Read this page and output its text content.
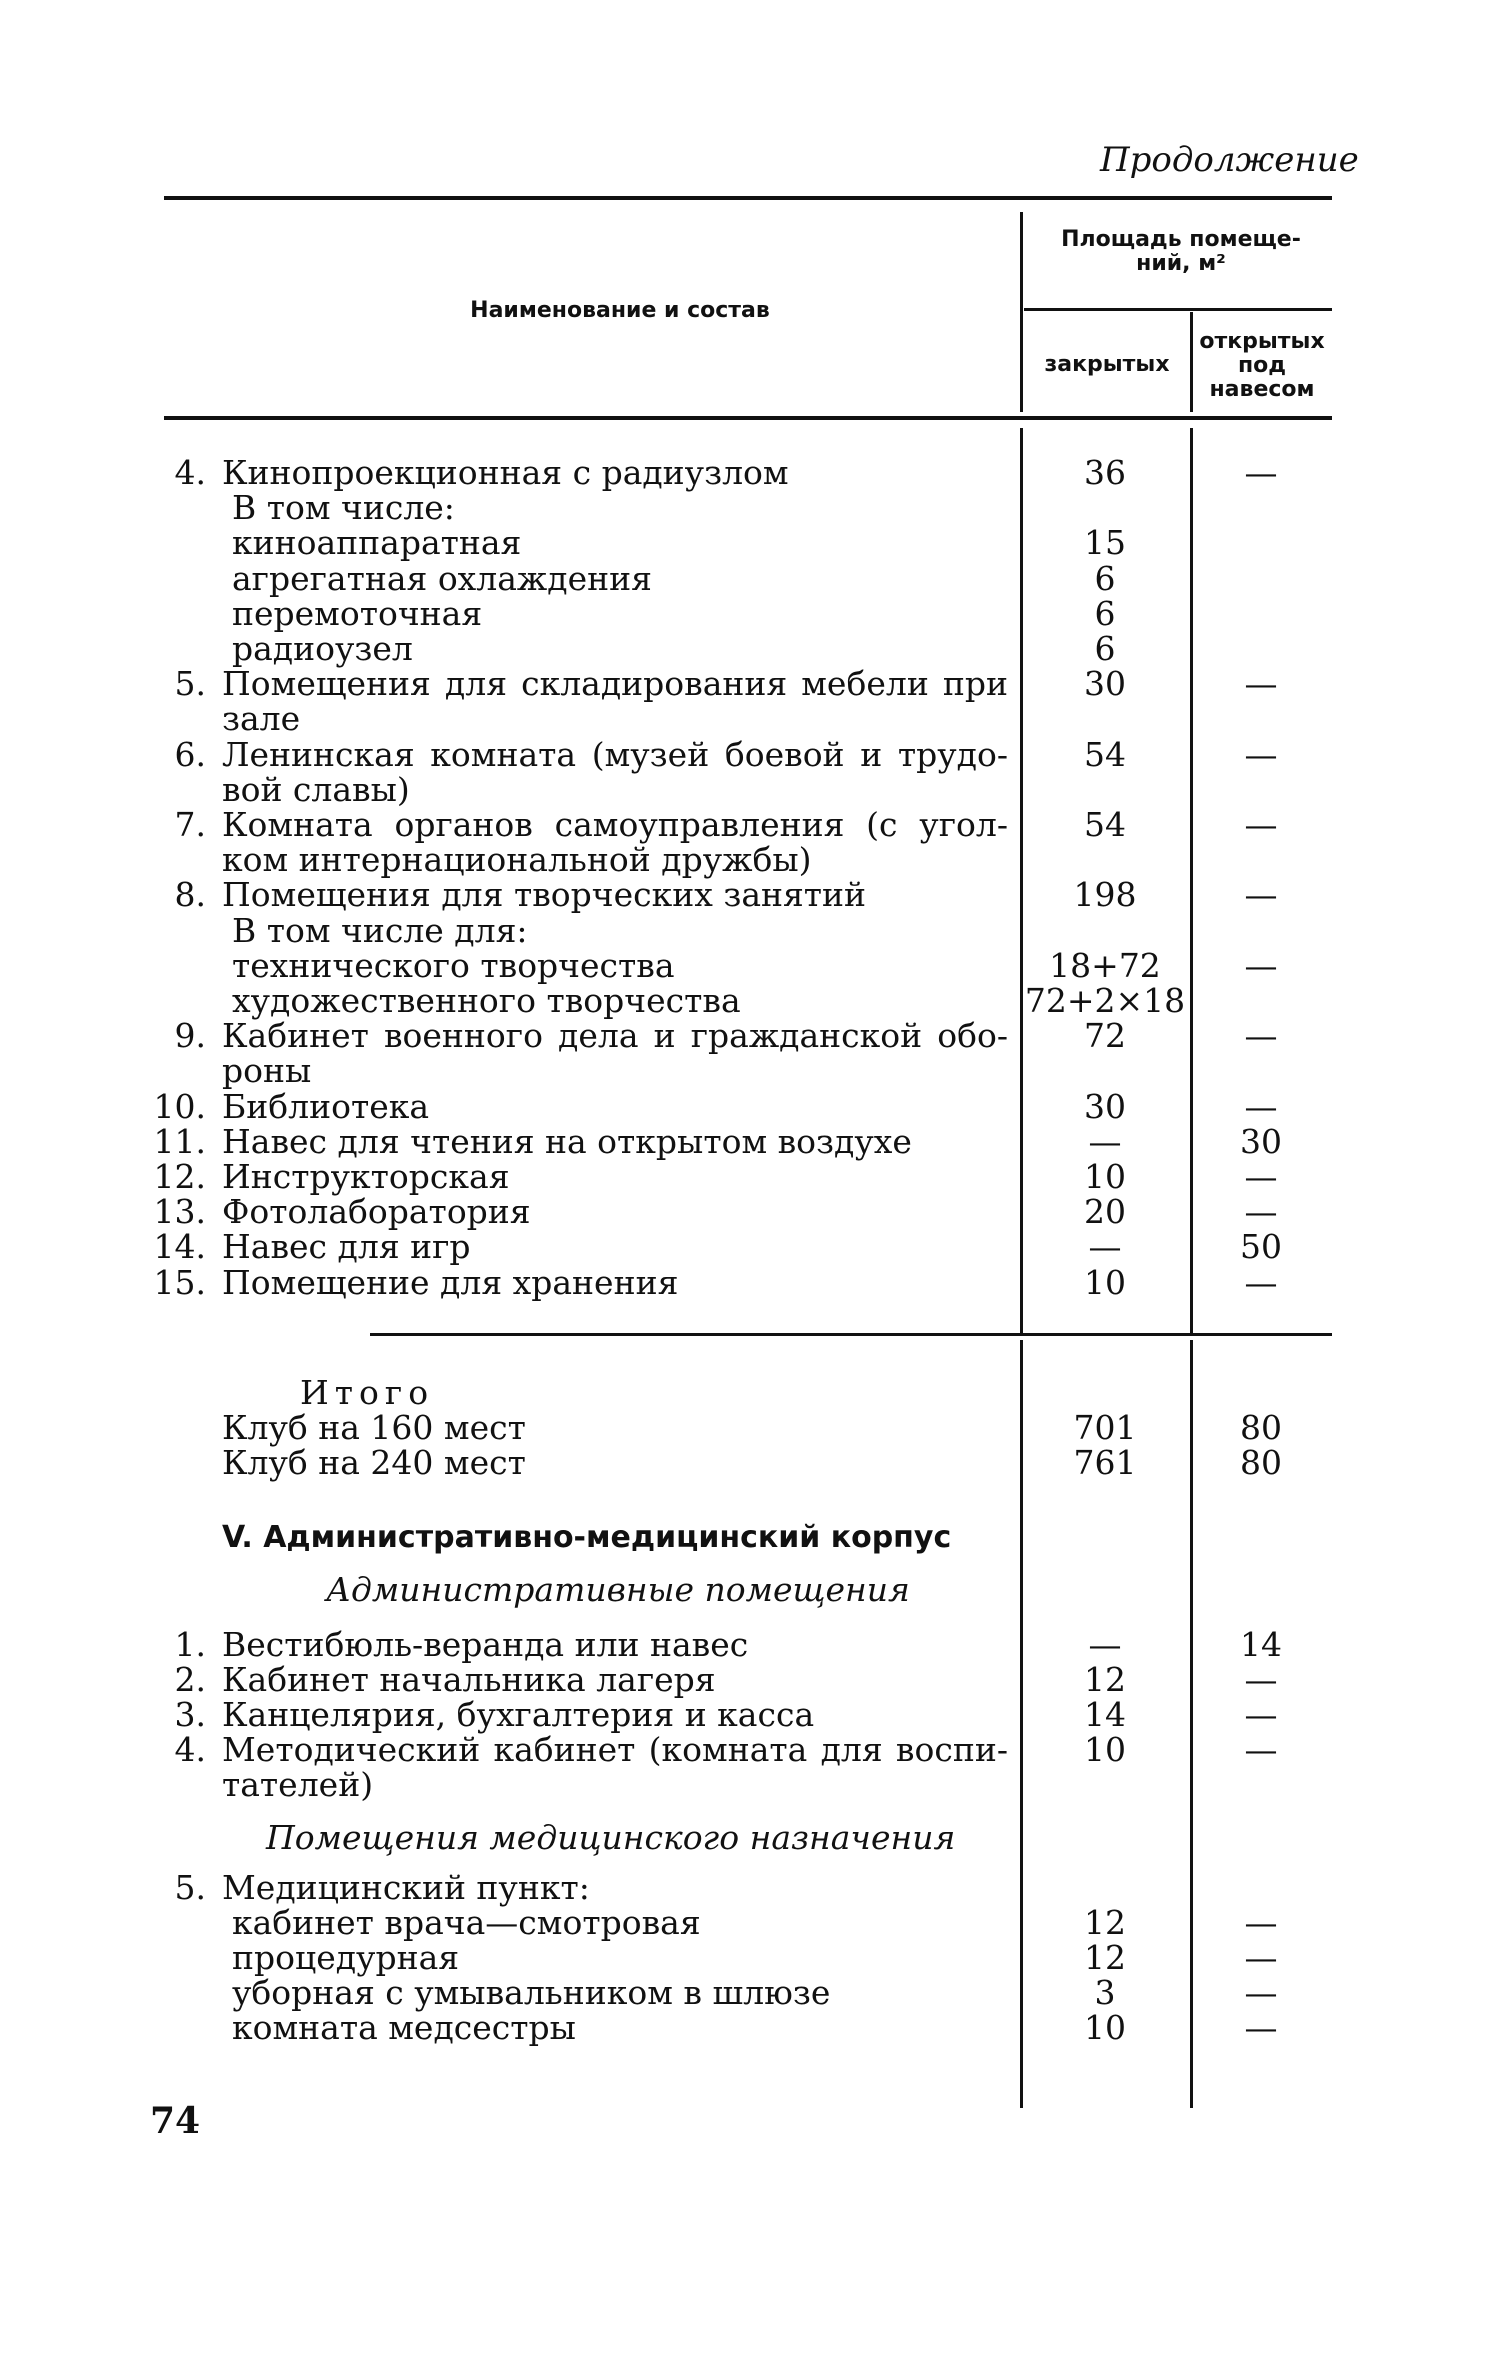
Продолжение
Наименование и состав
Площадь помеще-
ний, м²
закрытых
открытых
под
навесом
4. Кинопроекционная с радиузлом	36	—
В том числе:
киноаппаратная	15
агрегатная охлаждения	6
перемоточная	6
радиоузел	6
5. Помещения для складирования мебели при	30	—
зале
6. Ленинская комната (музей боевой и трудо-	54	—
вой славы)
7. Комната органов самоуправления (с угол-	54	—
ком интернациональной дружбы)
8. Помещения для творческих занятий	198	—
В том числе для:
технического творчества	18+72	—
художественного творчества	72+2×18
9. Кабинет военного дела и гражданской обо-	72	—
роны
10. Библиотека	30	—
11. Навес для чтения на открытом воздухе	—	30
12. Инструкторская	10	—
13. Фотолаборатория	20	—
14. Навес для игр	—	50
15. Помещение для хранения	10	—
Итого
Клуб на 160 мест	701	80
Клуб на 240 мест	761	80
V. Административно-медицинский корпус
Административные помещения
1. Вестибюль-веранда или навес	—	14
2. Кабинет начальника лагеря	12	—
3. Канцелярия, бухгалтерия и касса	14	—
4. Методический кабинет (комната для воспи-	10	—
тателей)
Помещения медицинского назначения
5. Медицинский пункт:
кабинет врача—смотровая	12	—
процедурная	12	—
уборная с умывальником в шлюзе	3	—
комната медсестры	10	—
74
